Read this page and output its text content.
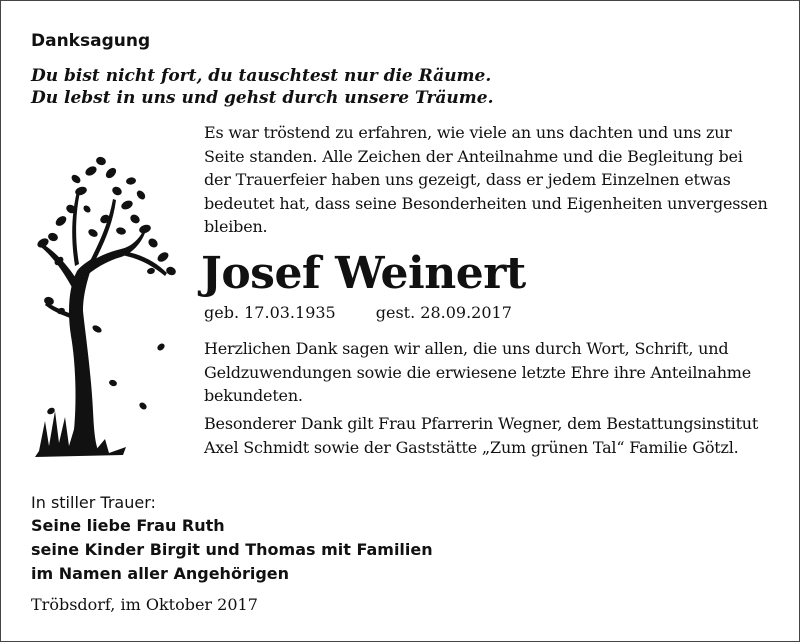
Danksagung
Du bist nicht fort, du tauschtest nur die Räume.
Du lebst in uns und gehst durch unsere Träume.

Es war tröstend zu erfahren, wie viele an uns dachten und uns zur Seite standen. Alle Zeichen der Anteilnahme und die Begleitung bei der Trauerfeier haben uns gezeigt, dass er jedem Einzelnen etwas bedeutet hat, dass seine Besonderheiten und Eigenheiten unvergessen bleiben.

Josef Weinert
geb. 17.03.1935	gest. 28.09.2017

Herzlichen Dank sagen wir allen, die uns durch Wort, Schrift, und Geldzuwendungen sowie die erwiesene letzte Ehre ihre Anteilnahme bekundeten.

Besonderer Dank gilt Frau Pfarrerin Wegner, dem Bestattungsinstitut Axel Schmidt sowie der Gaststätte „Zum grünen Tal“ Familie Götzl.

In stiller Trauer:
Seine liebe Frau Ruth
seine Kinder Birgit und Thomas mit Familien
im Namen aller Angehörigen
Tröbsdorf, im Oktober 2017
